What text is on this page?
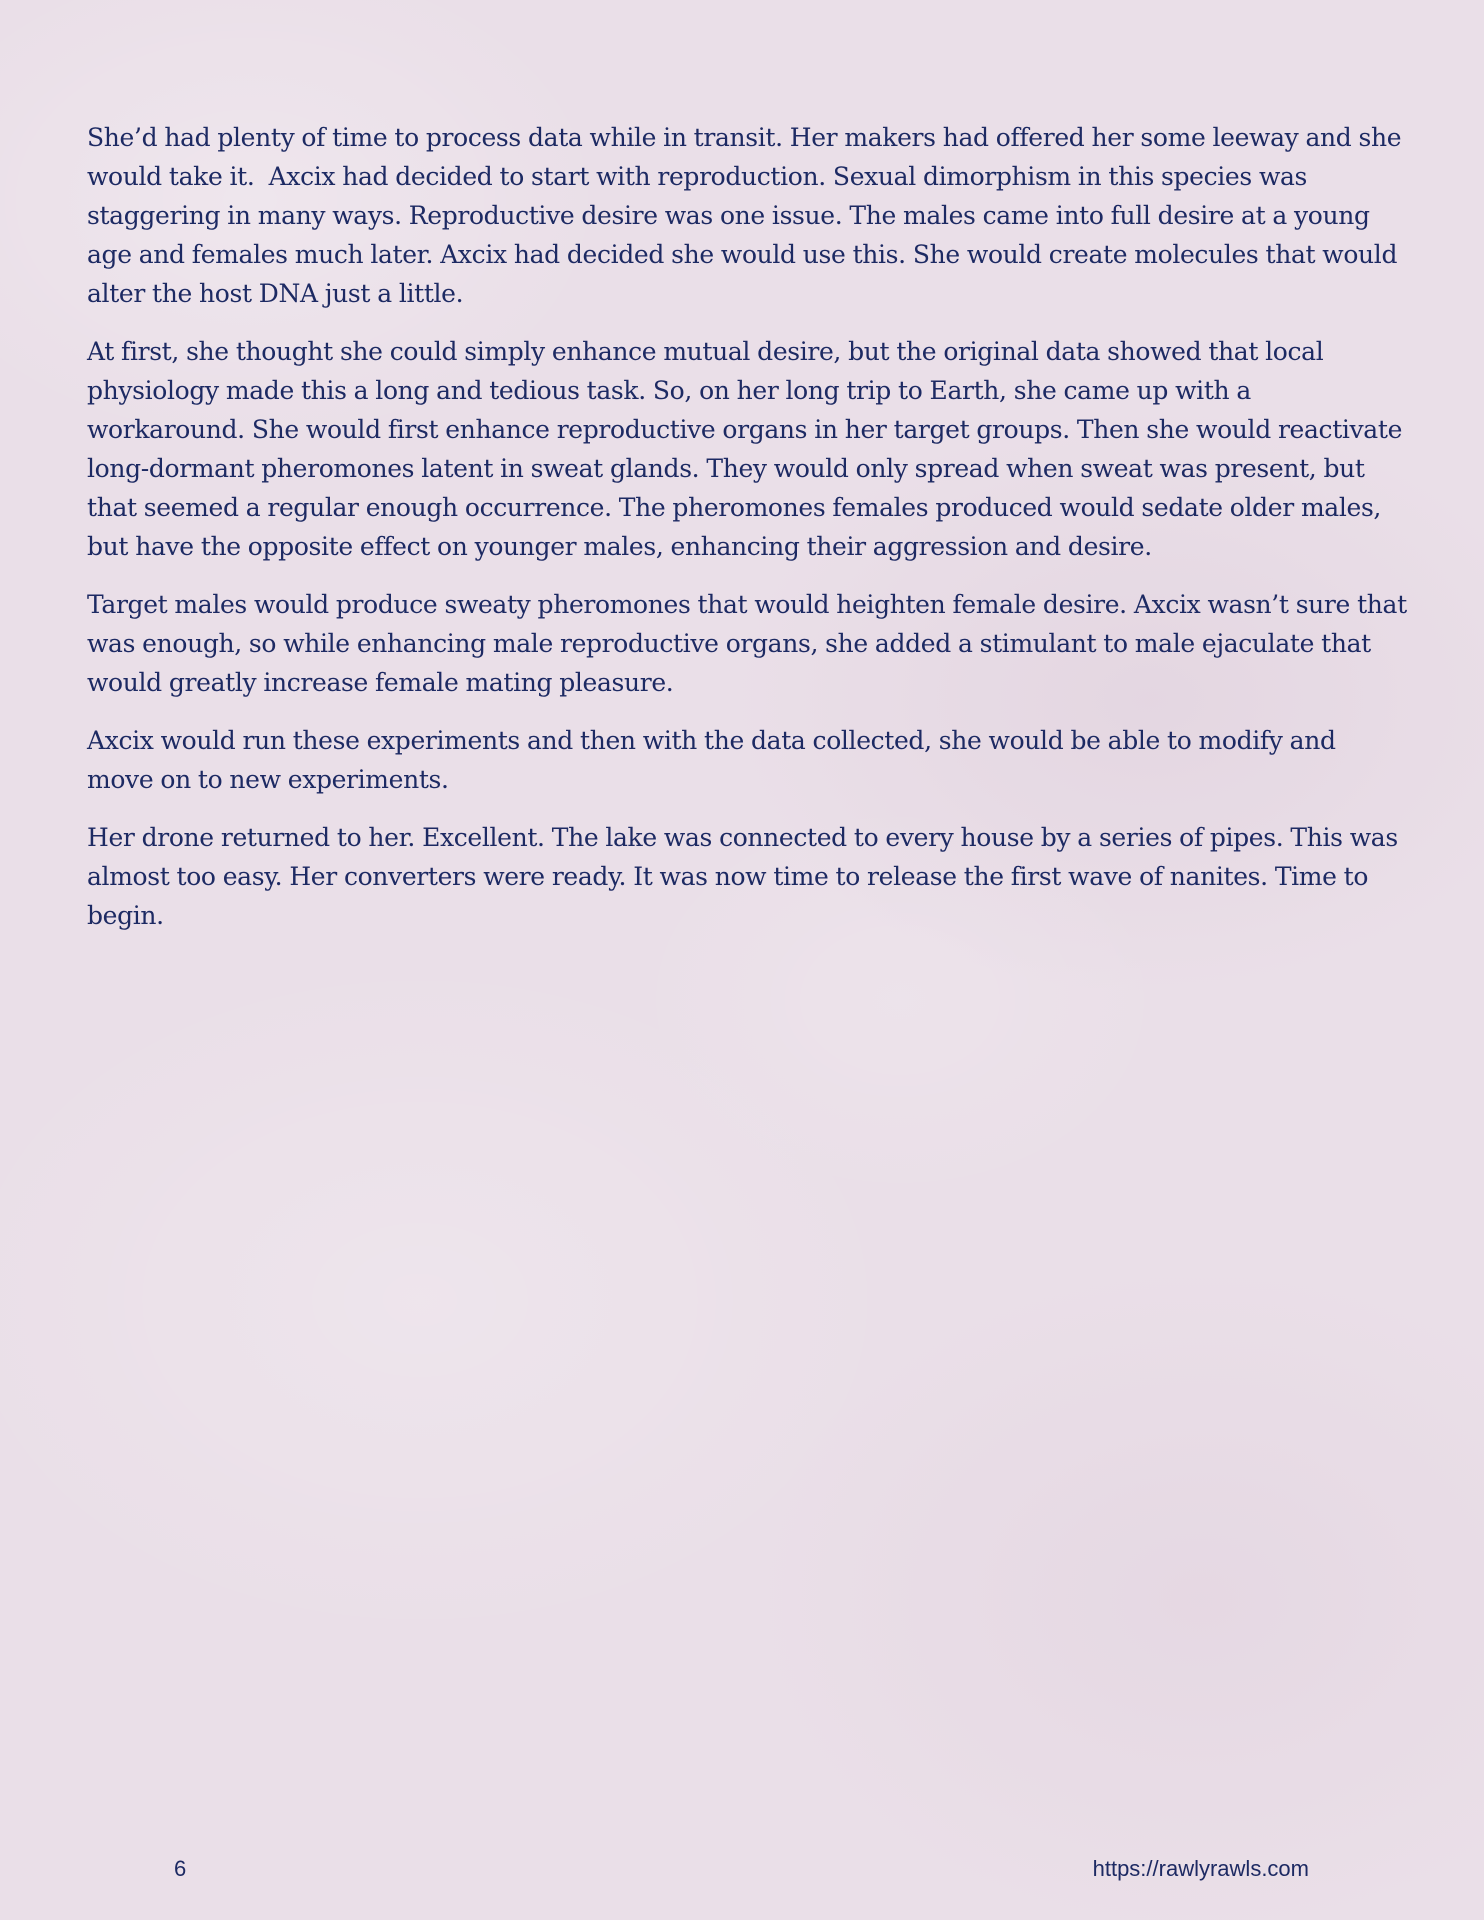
She’d had plenty of time to process data while in transit. Her makers had offered her some leeway and she would take it.  Axcix had decided to start with reproduction. Sexual dimorphism in this species was staggering in many ways. Reproductive desire was one issue. The males came into full desire at a young age and females much later. Axcix had decided she would use this. She would create molecules that would alter the host DNA just a little.

At first, she thought she could simply enhance mutual desire, but the original data showed that local physiology made this a long and tedious task. So, on her long trip to Earth, she came up with a workaround. She would first enhance reproductive organs in her target groups. Then she would reactivate long-dormant pheromones latent in sweat glands. They would only spread when sweat was present, but that seemed a regular enough occurrence. The pheromones females produced would sedate older males, but have the opposite effect on younger males, enhancing their aggression and desire.

Target males would produce sweaty pheromones that would heighten female desire. Axcix wasn’t sure that was enough, so while enhancing male reproductive organs, she added a stimulant to male ejaculate that would greatly increase female mating pleasure.

Axcix would run these experiments and then with the data collected, she would be able to modify and move on to new experiments.

Her drone returned to her. Excellent. The lake was connected to every house by a series of pipes. This was almost too easy. Her converters were ready. It was now time to release the first wave of nanites. Time to begin.

6	https://rawlyrawls.com
